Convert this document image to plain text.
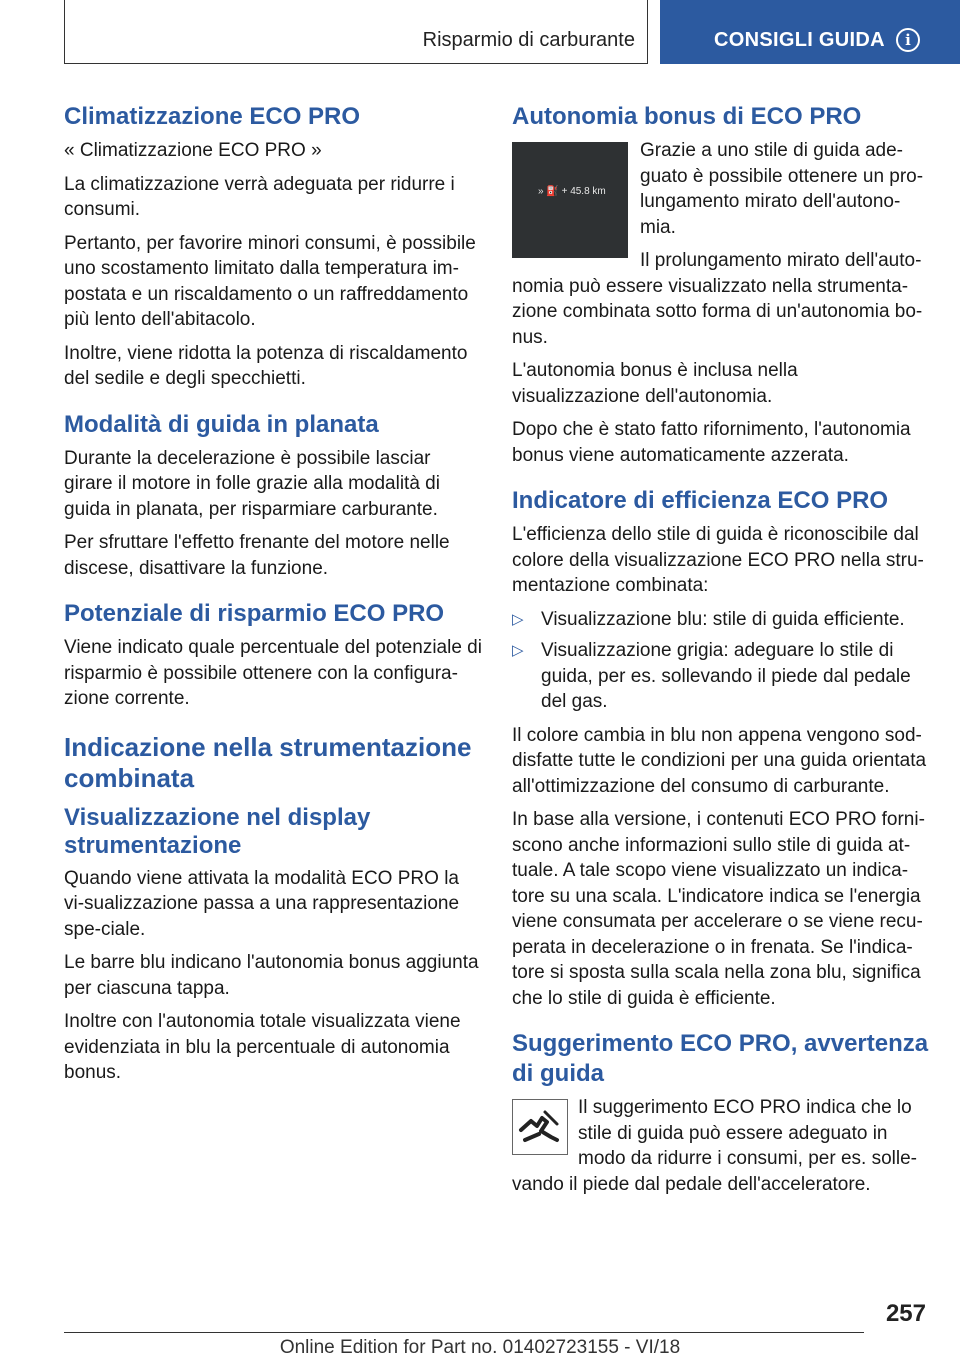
Risparmio di carburante	CONSIGLI GUIDA	i
Climatizzazione ECO PRO

« Climatizzazione ECO PRO »

La climatizzazione verrà adeguata per ridurre i consumi.

Pertanto, per favorire minori consumi, è possibile uno scostamento limitato dalla temperatura im-postata e un riscaldamento o un raffreddamento più lento dell'abitacolo.

Inoltre, viene ridotta la potenza di riscaldamento del sedile e degli specchietti.

Modalità di guida in planata

Durante la decelerazione è possibile lasciar girare il motore in folle grazie alla modalità di guida in planata, per risparmiare carburante.

Per sfruttare l'effetto frenante del motore nelle discese, disattivare la funzione.

Potenziale di risparmio ECO PRO

Viene indicato quale percentuale del potenziale di risparmio è possibile ottenere con la configura-zione corrente.

Indicazione nella strumentazione combinata
Visualizzazione nel display strumentazione

Quando viene attivata la modalità ECO PRO la vi-sualizzazione passa a una rappresentazione spe-ciale.

Le barre blu indicano l'autonomia bonus aggiunta per ciascuna tappa.

Inoltre con l'autonomia totale visualizzata viene evidenziata in blu la percentuale di autonomia bonus.

Autonomia bonus di ECO PRO
» ⛽ + 45.8 km

Grazie a uno stile di guida ade-guato è possibile ottenere un pro-lungamento mirato dell'autono-mia.

Il prolungamento mirato dell'auto-nomia può essere visualizzato nella strumenta-zione combinata sotto forma di un'autonomia bo-nus.

L'autonomia bonus è inclusa nella visualizzazione dell'autonomia.

Dopo che è stato fatto rifornimento, l'autonomia bonus viene automaticamente azzerata.

Indicatore di efficienza ECO PRO

L'efficienza dello stile di guida è riconoscibile dal colore della visualizzazione ECO PRO nella stru-mentazione combinata:

▷ Visualizzazione blu: stile di guida efficiente.
▷ Visualizzazione grigia: adeguare lo stile di guida, per es. sollevando il piede dal pedale del gas.

Il colore cambia in blu non appena vengono sod-disfatte tutte le condizioni per una guida orientata all'ottimizzazione del consumo di carburante.

In base alla versione, i contenuti ECO PRO forni-scono anche informazioni sullo stile di guida at-tuale. A tale scopo viene visualizzato un indica-tore su una scala. L'indicatore indica se l'energia viene consumata per accelerare o se viene recu-perata in decelerazione o in frenata. Se l'indica-tore si sposta sulla scala nella zona blu, significa che lo stile di guida è efficiente.

Suggerimento ECO PRO, avvertenza di guida

Il suggerimento ECO PRO indica che lo stile di guida può essere adeguato in modo da ridurre i consumi, per es. solle-vando il piede dal pedale dell'acceleratore.

257
Online Edition for Part no. 01402723155 - VI/18
